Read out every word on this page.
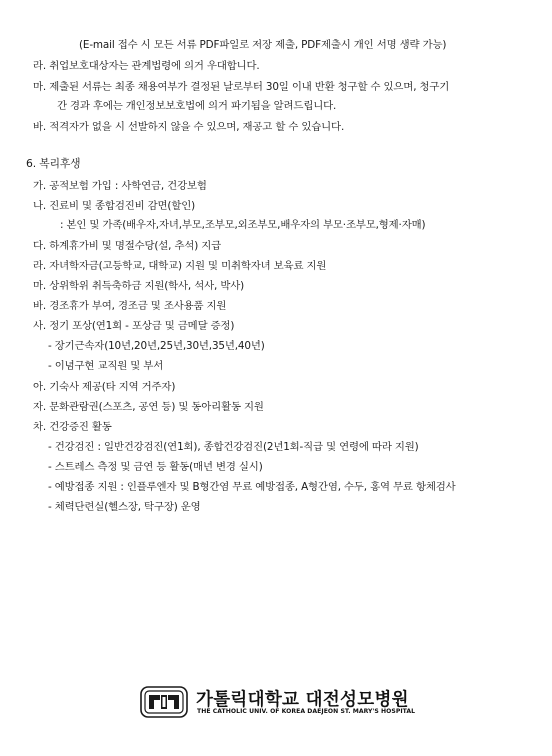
(E-mail 접수 시 모든 서류 PDF파일로 저장 제출, PDF제출시 개인 서명 생략 가능)
라. 취업보호대상자는 관계법령에 의거 우대합니다.
마. 제출된 서류는 최종 채용여부가 결정된 날로부터 30일 이내 반환 청구할 수 있으며, 청구기
간 경과 후에는 개인정보보호법에 의거 파기됨을 알려드립니다.
바. 적격자가 없을 시 선발하지 않을 수 있으며, 재공고 할 수 있습니다.
6. 복리후생
가. 공적보험 가입 : 사학연금, 건강보험
나. 진료비 및 종합검진비 감면(할인)
: 본인 및 가족(배우자,자녀,부모,조부모,외조부모,배우자의 부모·조부모,형제·자매)
다. 하계휴가비 및 명절수당(설, 추석) 지급
라. 자녀학자금(고등학교, 대학교) 지원 및 미취학자녀 보육료 지원
마. 상위학위 취득축하금 지원(학사, 석사, 박사)
바. 경조휴가 부여, 경조금 및 조사용품 지원
사. 정기 포상(연1회 - 포상금 및 금메달 증정)
- 장기근속자(10년,20년,25년,30년,35년,40년)
- 이념구현 교직원 및 부서
아. 기숙사 제공(타 지역 거주자)
자. 문화관람권(스포츠, 공연 등) 및 동아리활동 지원
차. 건강증진 활동
- 건강검진 : 일반건강검진(연1회), 종합건강검진(2년1회-직급 및 연령에 따라 지원)
- 스트레스 측정 및 금연 등 활동(매년 변경 실시)
- 예방접종 지원 : 인플루엔자 및 B형간염 무료 예방접종, A형간염, 수두, 홍역 무료 항체검사
- 체력단련실(헬스장, 탁구장) 운영
가톨릭대학교 대전성모병원
THE CATHOLIC UNIV. OF KOREA DAEJEON ST. MARY'S HOSPITAL
